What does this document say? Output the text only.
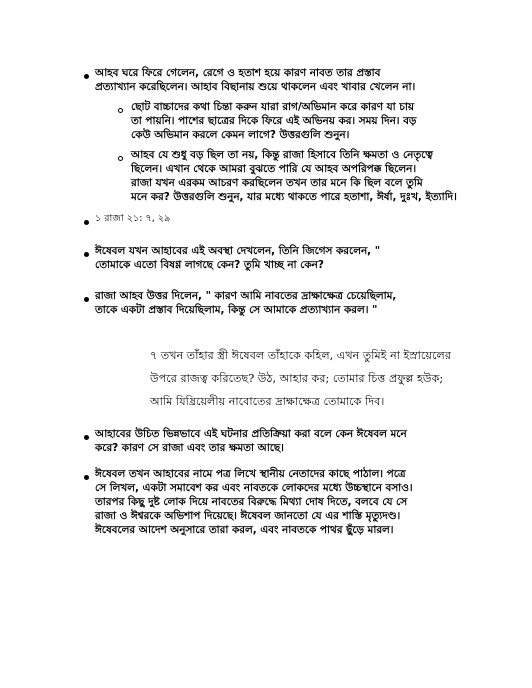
আহব ঘরে ফিরে গেলেন, রেগে ও হতাশ হয়ে কারণ নাবত তার প্রস্তাব
প্রত্যাখ্যান করেছিলেন। আহাব বিছানায় শুয়ে থাকলেন এবং খাবার খেলেন না।
ছোট বাচ্চাদের কথা চিন্তা করুন যারা রাগ/অভিমান করে কারণ যা চায়
তা পায়নি। পাশের ছাত্রের দিকে ফিরে এই অভিনয় কর। সময় দিন। বড়
কেউ অভিমান করলে কেমন লাগে? উত্তরগুলি শুনুন।
আহব যে শুধু বড় ছিল তা নয়, কিন্তু রাজা হিসাবে তিনি ক্ষমতা ও নেতৃত্বে
ছিলেন। এখান থেকে আমরা বুঝতে পারি যে আহব অপরিপক্ক ছিলেন।
রাজা যখন এরকম আচরণ করছিলেন তখন তার মনে কি ছিল বলে তুমি
মনে কর? উত্তরগুলি শুনুন, যার মধ্যে থাকতে পারে হতাশা, ঈর্ষা, দুঃখ, ইত্যাদি।
১ রাজা ২১: ৭, ২৯
ঈষেবল যখন আহাবের এই অবস্থা দেখলেন, তিনি জিগেস করলেন, "
তোমাকে এতো বিষণ্ণ লাগছে কেন? তুমি খাচ্ছ না কেন?
রাজা আহব উত্তর দিলেন, " কারণ আমি নাবতের দ্রাক্ষাক্ষেত্র চেয়েছিলাম,
তাকে একটা প্রস্তাব দিয়েছিলাম, কিন্তু সে আমাকে প্রত্যাখ্যান করল। "
৭ তখন তাঁহার স্ত্রী ঈষেবল তাঁহাকে কহিল, এখন তুমিই না ইস্রায়েলের
উপরে রাজত্ব করিতেছ? উঠ, আহার কর; তোমার চিত্ত প্রফুল্ল হউক;
আমি যিষ্রিয়েলীয় নাবোতের দ্রাক্ষাক্ষেত্র তোমাকে দিব।
আহাবের উচিত ভিন্নভাবে এই ঘটনার প্রতিক্রিয়া করা বলে কেন ঈষেবল মনে
করে? কারণ সে রাজা এবং তার ক্ষমতা আছে।
ঈষেবল তখন আহাবের নামে পত্র লিখে স্থানীয় নেতাদের কাছে পাঠাল। পত্রে
সে লিখল, একটা সমাবেশ কর এবং নাবতকে লোকদের মধ্যে উচ্চস্থানে বসাও।
তারপর কিছু দুষ্ট লোক দিয়ে নাবতের বিরুদ্ধে মিথ্যা দোষ দিতে, বলবে যে সে
রাজা ও ঈশ্বরকে অভিশাপ দিয়েছে। ঈষেবল জানতো যে এর শাস্তি মৃত্যুদণ্ড।
ঈষেবলের আদেশ অনুসারে তারা করল, এবং নাবতকে পাথর ছুঁড়ে মারল।
